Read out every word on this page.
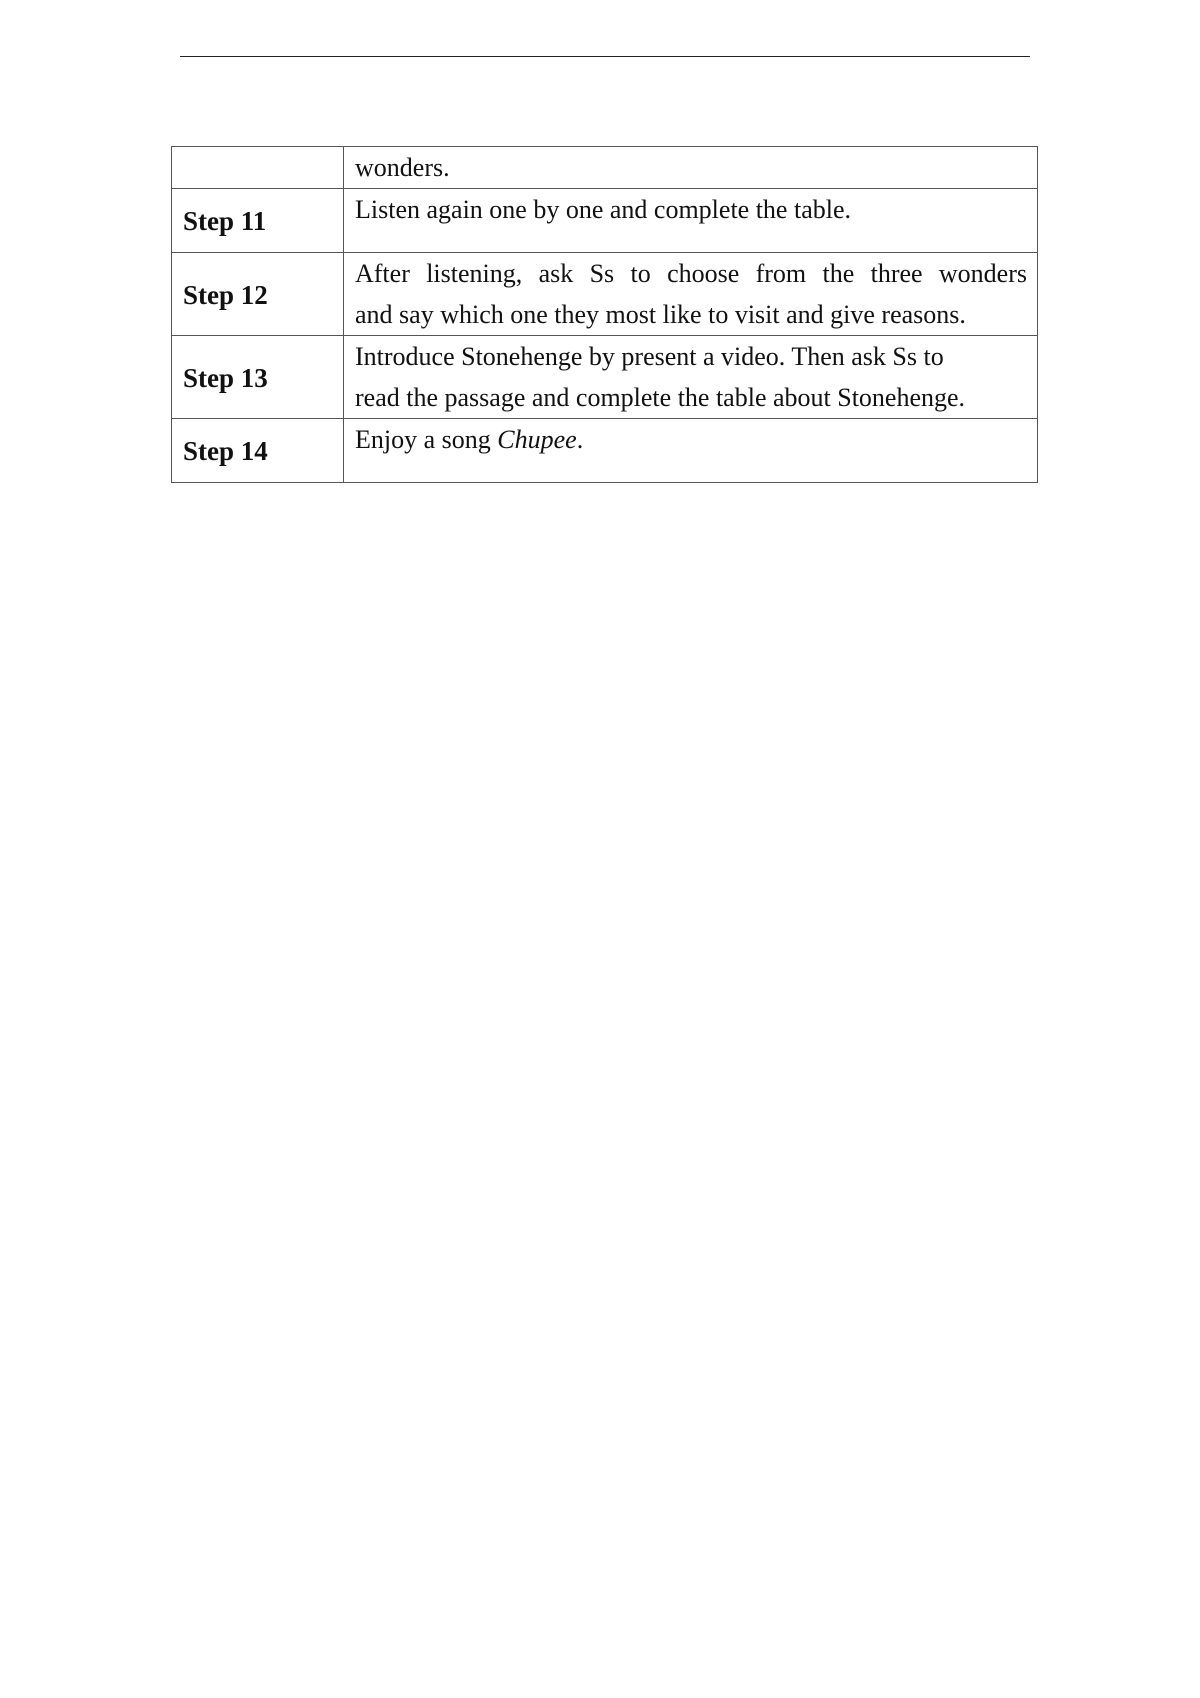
	wonders.

Step 11	Listen again one by one and complete the table.

Step 12	After listening, ask Ss to choose from the three wonders
and say which one they most like to visit and give reasons.

Step 13	Introduce Stonehenge by present a video. Then ask Ss to
read the passage and complete the table about Stonehenge.

Step 14	Enjoy a song Chupee.
